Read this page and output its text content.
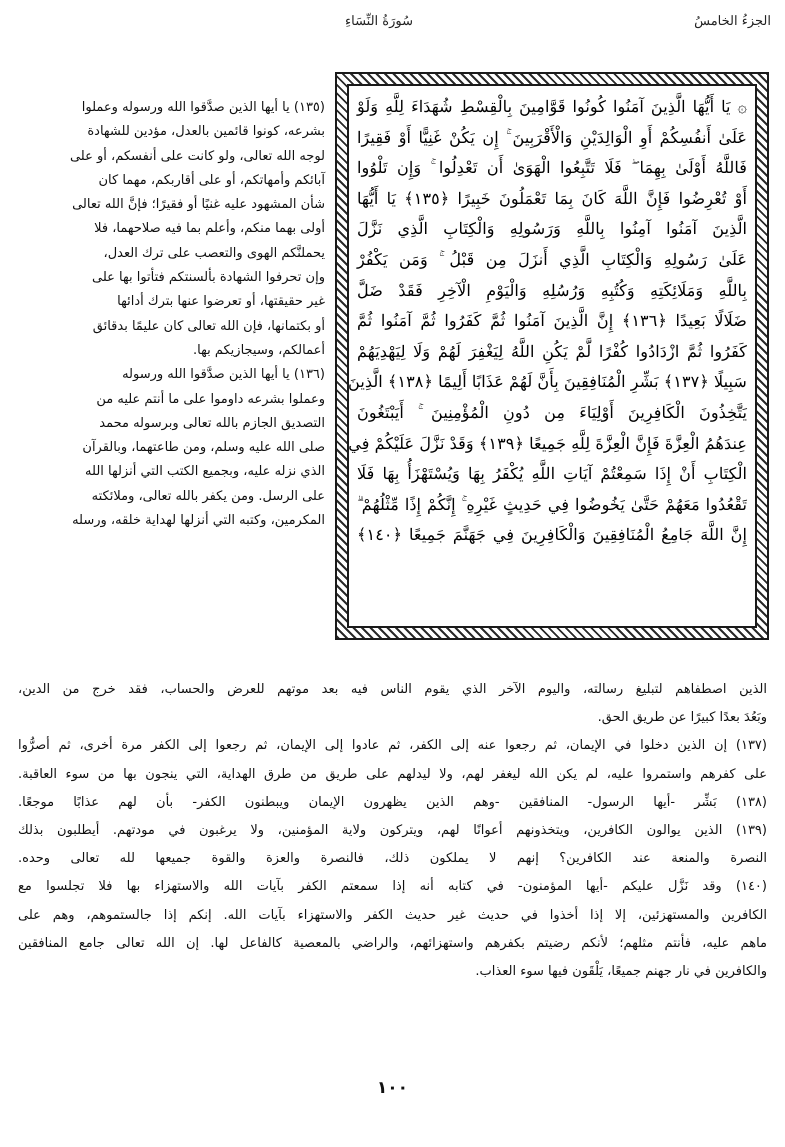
الجزءُ الخامسُ
سُورَةُ النِّسَاءِ
۞ يَا أَيُّهَا الَّذِينَ آمَنُوا كُونُوا قَوَّامِينَ بِالْقِسْطِ شُهَدَاءَ لِلَّهِ وَلَوْ
عَلَىٰ أَنفُسِكُمْ أَوِ الْوَالِدَيْنِ وَالْأَقْرَبِينَ ۚ إِن يَكُنْ غَنِيًّا أَوْ فَقِيرًا
فَاللَّهُ أَوْلَىٰ بِهِمَا ۖ فَلَا تَتَّبِعُوا الْهَوَىٰ أَن تَعْدِلُوا ۚ وَإِن تَلْوُوا
أَوْ تُعْرِضُوا فَإِنَّ اللَّهَ كَانَ بِمَا تَعْمَلُونَ خَبِيرًا ﴿١٣٥﴾ يَا أَيُّهَا
الَّذِينَ آمَنُوا آمِنُوا بِاللَّهِ وَرَسُولِهِ وَالْكِتَابِ الَّذِي نَزَّلَ
عَلَىٰ رَسُولِهِ وَالْكِتَابِ الَّذِي أَنزَلَ مِن قَبْلُ ۚ وَمَن يَكْفُرْ
بِاللَّهِ وَمَلَائِكَتِهِ وَكُتُبِهِ وَرُسُلِهِ وَالْيَوْمِ الْآخِرِ فَقَدْ ضَلَّ
ضَلَالًا بَعِيدًا ﴿١٣٦﴾ إِنَّ الَّذِينَ آمَنُوا ثُمَّ كَفَرُوا ثُمَّ آمَنُوا ثُمَّ
كَفَرُوا ثُمَّ ازْدَادُوا كُفْرًا لَّمْ يَكُنِ اللَّهُ لِيَغْفِرَ لَهُمْ وَلَا لِيَهْدِيَهُمْ
سَبِيلًا ﴿١٣٧﴾ بَشِّرِ الْمُنَافِقِينَ بِأَنَّ لَهُمْ عَذَابًا أَلِيمًا ﴿١٣٨﴾ الَّذِينَ
يَتَّخِذُونَ الْكَافِرِينَ أَوْلِيَاءَ مِن دُونِ الْمُؤْمِنِينَ ۚ أَيَبْتَغُونَ
عِندَهُمُ الْعِزَّةَ فَإِنَّ الْعِزَّةَ لِلَّهِ جَمِيعًا ﴿١٣٩﴾ وَقَدْ نَزَّلَ عَلَيْكُمْ فِي
الْكِتَابِ أَنْ إِذَا سَمِعْتُمْ آيَاتِ اللَّهِ يُكْفَرُ بِهَا وَيُسْتَهْزَأُ بِهَا فَلَا
تَقْعُدُوا مَعَهُمْ حَتَّىٰ يَخُوضُوا فِي حَدِيثٍ غَيْرِهِ ۚ إِنَّكُمْ إِذًا مِّثْلُهُمْ ۗ
إِنَّ اللَّهَ جَامِعُ الْمُنَافِقِينَ وَالْكَافِرِينَ فِي جَهَنَّمَ جَمِيعًا ﴿١٤٠﴾
(١٣٥) يا أيها الذين صدَّقوا الله ورسوله وعملوا
بشرعه، كونوا قائمين بالعدل، مؤدين للشهادة
لوجه الله تعالى، ولو كانت على أنفسكم، أو على
آبائكم وأمهاتكم، أو على أقاربكم، مهما كان
شأن المشهود عليه غنيًا أو فقيرًا؛ فإنَّ الله تعالى
أولى بهما منكم، وأعلم بما فيه صلاحهما، فلا
يحملنَّكم الهوى والتعصب على ترك العدل،
وإن تحرفوا الشهادة بألسنتكم فتأتوا بها على
غير حقيقتها، أو تعرضوا عنها بترك أدائها
أو بكتمانها، فإن الله تعالى كان عليمًا بدقائق
أعمالكم، وسيجازيكم بها.
(١٣٦) يا أيها الذين صدَّقوا الله ورسوله
وعملوا بشرعه داوموا على ما أنتم عليه من
التصديق الجازم بالله تعالى وبرسوله محمد
صلى الله عليه وسلم، ومن طاعتهما، وبالقرآن
الذي نزله عليه، وبجميع الكتب التي أنزلها الله
على الرسل. ومن يكفر بالله تعالى، وملائكته
المكرمين، وكتبه التي أنزلها لهداية خلقه، ورسله
الذين اصطفاهم لتبليغ رسالته، واليوم الآخر الذي يقوم الناس فيه بعد موتهم للعرض والحساب، فقد خرج من الدين،
وبَعُدَ بعدًا كبيرًا عن طريق الحق.
(١٣٧) إن الذين دخلوا في الإيمان، ثم رجعوا عنه إلى الكفر، ثم عادوا إلى الإيمان، ثم رجعوا إلى الكفر مرة أخرى، ثم أصرُّوا
على كفرهم واستمروا عليه، لم يكن الله ليغفر لهم، ولا ليدلهم على طريق من طرق الهداية، التي ينجون بها من سوء العاقبة.
(١٣٨) بَشِّر -أيها الرسول- المنافقين -وهم الذين يظهرون الإيمان ويبطنون الكفر- بأن لهم عذابًا موجعًا.
(١٣٩) الذين يوالون الكافرين، ويتخذونهم أعوانًا لهم، ويتركون ولاية المؤمنين، ولا يرغبون في مودتهم. أيطلبون بذلك
النصرة والمنعة عند الكافرين؟ إنهم لا يملكون ذلك، فالنصرة والعزة والقوة جميعها لله تعالى وحده.
(١٤٠) وقد نَزَّل عليكم -أيها المؤمنون- في كتابه أنه إذا سمعتم الكفر بآيات الله والاستهزاء بها فلا تجلسوا مع
الكافرين والمستهزئين، إلا إذا أخذوا في حديث غير حديث الكفر والاستهزاء بآيات الله. إنكم إذا جالستموهم، وهم على
ماهم عليه، فأنتم مثلهم؛ لأنكم رضيتم بكفرهم واستهزائهم، والراضي بالمعصية كالفاعل لها. إن الله تعالى جامع المنافقين
والكافرين في نار جهنم جميعًا، يَلْقَون فيها سوء العذاب.
١٠٠
